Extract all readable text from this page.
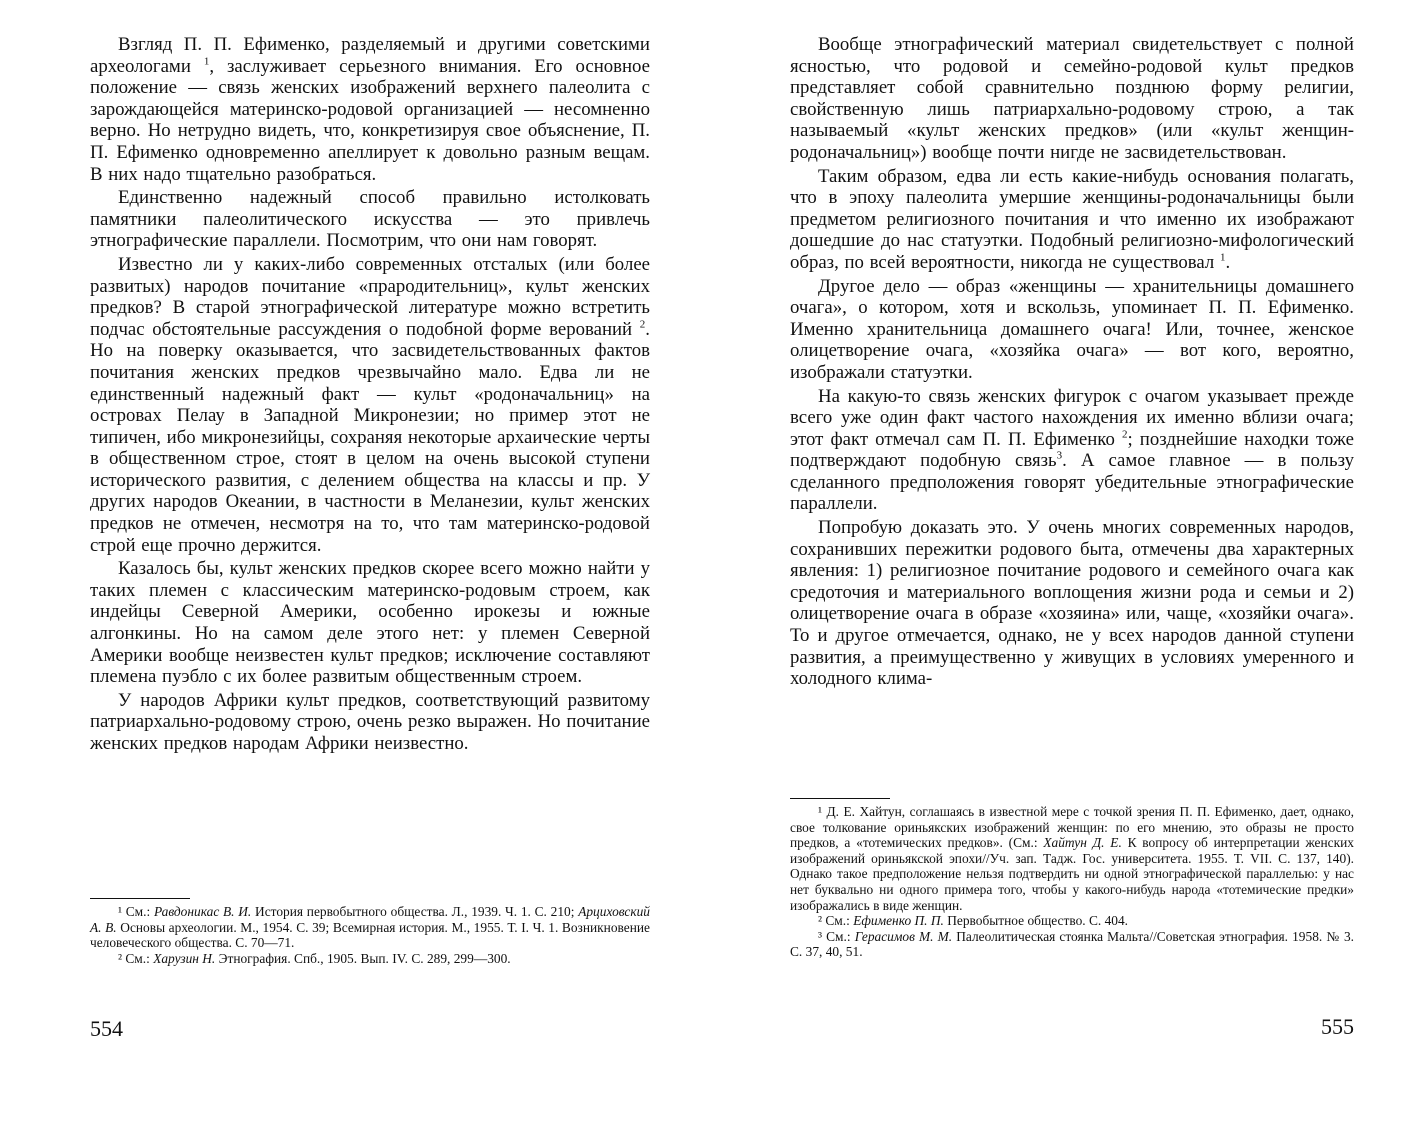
Взгляд П. П. Ефименко, разделяемый и другими советскими археологами $^1$, заслуживает серьезного внимания. Его основное положение — связь женских изображений верхнего палеолита с зарождающейся материнско-родовой организацией — несомненно верно. Но нетрудно видеть, что, конкретизируя свое объяснение, П. П. Ефименко одновременно апеллирует к довольно разным вещам. В них надо тщательно разобраться.

Единственно надежный способ правильно истолковать памятники палеолитического искусства — это привлечь этнографические параллели. Посмотрим, что они нам говорят.

Известно ли у каких-либо современных отсталых (или более развитых) народов почитание «прародительниц», культ женских предков? В старой этнографической литературе можно встретить подчас обстоятельные рассуждения о подобной форме верований $^2$. Но на поверку оказывается, что засвидетельствованных фактов почитания женских предков чрезвычайно мало. Едва ли не единственный надежный факт — культ «родоначальниц» на островах Пелау в Западной Микронезии; но пример этот не типичен, ибо микронезийцы, сохраняя некоторые архаические черты в общественном строе, стоят в целом на очень высокой ступени исторического развития, с делением общества на классы и пр. У других народов Океании, в частности в Меланезии, культ женских предков не отмечен, несмотря на то, что там материнско-родовой строй еще прочно держится.

Казалось бы, культ женских предков скорее всего можно найти у таких племен с классическим материнско-родовым строем, как индейцы Северной Америки, особенно ирокезы и южные алгонкины. Но на самом деле этого нет: у племен Северной Америки вообще неизвестен культ предков; исключение составляют племена пуэбло с их более развитым общественным строем.

У народов Африки культ предков, соответствующий развитому патриархально-родовому строю, очень резко выражен. Но почитание женских предков народам Африки неизвестно.

¹ См.: Равдоникас В. И. История первобытного общества. Л., 1939. Ч. 1. С. 210; Арциховский А. В. Основы археологии. М., 1954. С. 39; Всемирная история. М., 1955. Т. I. Ч. 1. Возникновение человеческого общества. С. 70—71.

² См.: Харузин Н. Этнография. Спб., 1905. Вып. IV. С. 289, 299—300.

554

Вообще этнографический материал свидетельствует с полной ясностью, что родовой и семейно-родовой культ предков представляет собой сравнительно позднюю форму религии, свойственную лишь патриархально-родовому строю, а так называемый «культ женских предков» (или «культ женщин-родоначальниц») вообще почти нигде не засвидетельствован.

Таким образом, едва ли есть какие-нибудь основания полагать, что в эпоху палеолита умершие женщины-родоначальницы были предметом религиозного почитания и что именно их изображают дошедшие до нас статуэтки. Подобный религиозно-мифологический образ, по всей вероятности, никогда не существовал $^1$.

Другое дело — образ «женщины — хранительницы домашнего очага», о котором, хотя и вскользь, упоминает П. П. Ефименко. Именно хранительница домашнего очага! Или, точнее, женское олицетворение очага, «хозяйка очага» — вот кого, вероятно, изображали статуэтки.

На какую-то связь женских фигурок с очагом указывает прежде всего уже один факт частого нахождения их именно вблизи очага; этот факт отмечал сам П. П. Ефименко $^2$; позднейшие находки тоже подтверждают подобную связь$^3$. А самое главное — в пользу сделанного предположения говорят убедительные этнографические параллели.

Попробую доказать это. У очень многих современных народов, сохранивших пережитки родового быта, отмечены два характерных явления: 1) религиозное почитание родового и семейного очага как средоточия и материального воплощения жизни рода и семьи и 2) олицетворение очага в образе «хозяина» или, чаще, «хозяйки очага». То и другое отмечается, однако, не у всех народов данной ступени развития, а преимущественно у живущих в условиях умеренного и холодного клима-

¹ Д. Е. Хайтун, соглашаясь в известной мере с точкой зрения П. П. Ефименко, дает, однако, свое толкование ориньякских изображений женщин: по его мнению, это образы не просто предков, а «тотемических предков». (См.: Хайтун Д. Е. К вопросу об интерпретации женских изображений ориньякской эпохи//Уч. зап. Тадж. Гос. университета. 1955. Т. VII. С. 137, 140). Однако такое предположение нельзя подтвердить ни одной этнографической параллелью: у нас нет буквально ни одного примера того, чтобы у какого-нибудь народа «тотемические предки» изображались в виде женщин.

² См.: Ефименко П. П. Первобытное общество. С. 404.

³ См.: Герасимов М. М. Палеолитическая стоянка Мальта//Советская этнография. 1958. № 3. С. 37, 40, 51.

555
